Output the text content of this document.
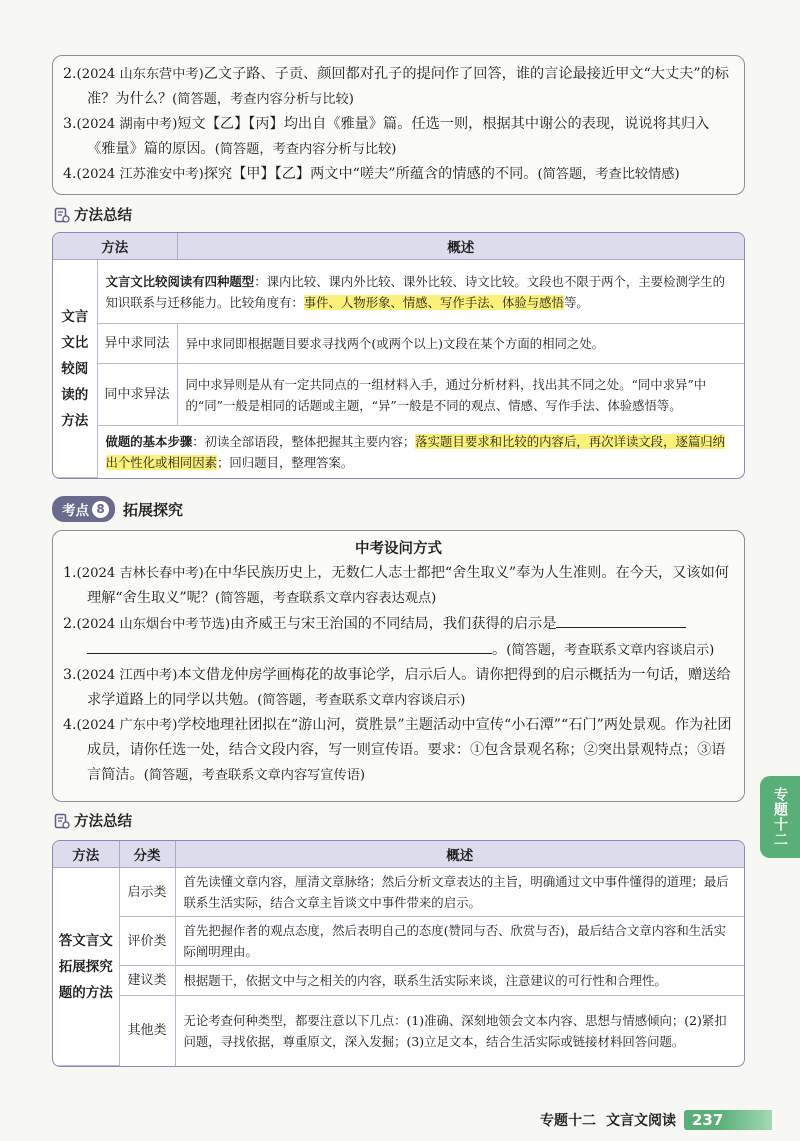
2.(2024 山东东营中考)乙文子路、子贡、颜回都对孔子的提问作了回答，谁的言论最接近甲文“大丈夫”的标准？为什么？(简答题，考查内容分析与比较)

3.(2024 湖南中考)短文【乙】【丙】均出自《雅量》篇。任选一则，根据其中谢公的表现，说说将其归入《雅量》篇的原因。(简答题，考查内容分析与比较)

4.(2024 江苏淮安中考)探究【甲】【乙】两文中“嗟夫”所蕴含的情感的不同。(简答题，考查比较情感)

方法总结
方法		概述

文言文比较阅读的方法	文言文比较阅读有四种题型：课内比较、课内外比较、课外比较、诗文比较。文段也不限于两个，主要检测学生的知识联系与迁移能力。比较角度有：事件、人物形象、情感、写作手法、体验与感悟等。	
	异中求同法	异中求同即根据题目要求寻找两个(或两个以上)文段在某个方面的相同之处。
	同中求异法	同中求异则是从有一定共同点的一组材料入手，通过分析材料，找出其不同之处。“同中求异”中的“同”一般是相同的话题或主题，“异”一般是不同的观点、情感、写作手法、体验感悟等。
	做题的基本步骤：初读全部语段，整体把握其主要内容；落实题目要求和比较的内容后，再次详读文段，逐篇归纳出个性化或相同因素；回归题目，整理答案。	
考点 8 拓展探究

中考设问方式

1.(2024 吉林长春中考)在中华民族历史上，无数仁人志士都把“舍生取义”奉为人生准则。在今天，又该如何理解“舍生取义”呢？(简答题，考查联系文章内容表达观点)

2.(2024 山东烟台中考节选)由齐威王与宋王治国的不同结局，我们获得的启示是
。(简答题，考查联系文章内容谈启示)

3.(2024 江西中考)本文借龙仲房学画梅花的故事论学，启示后人。请你把得到的启示概括为一句话，赠送给求学道路上的同学以共勉。(简答题，考查联系文章内容谈启示)

4.(2024 广东中考)学校地理社团拟在“游山河，赏胜景”主题活动中宣传“小石潭”“石门”两处景观。作为社团成员，请你任选一处，结合文段内容，写一则宣传语。要求：①包含景观名称；②突出景观特点；③语言简洁。(简答题，考查联系文章内容写宣传语)

方法总结
方法	分类	概述

答文言文拓展探究题的方法	启示类	首先读懂文章内容，厘清文章脉络；然后分析文章表达的主旨，明确通过文中事件懂得的道理；最后联系生活实际，结合文章主旨谈文中事件带来的启示。
	评价类	首先把握作者的观点态度，然后表明自己的态度(赞同与否、欣赏与否)，最后结合文章内容和生活实际阐明理由。
	建议类	根据题干，依据文中与之相关的内容，联系生活实际来谈，注意建议的可行性和合理性。
	其他类	无论考查何种类型，都要注意以下几点：(1)准确、深刻地领会文本内容、思想与情感倾向；(2)紧扣问题，寻找依据，尊重原文，深入发掘；(3)立足文本，结合生活实际或链接材料回答问题。
专题十二
专题十二 文言文阅读	237
